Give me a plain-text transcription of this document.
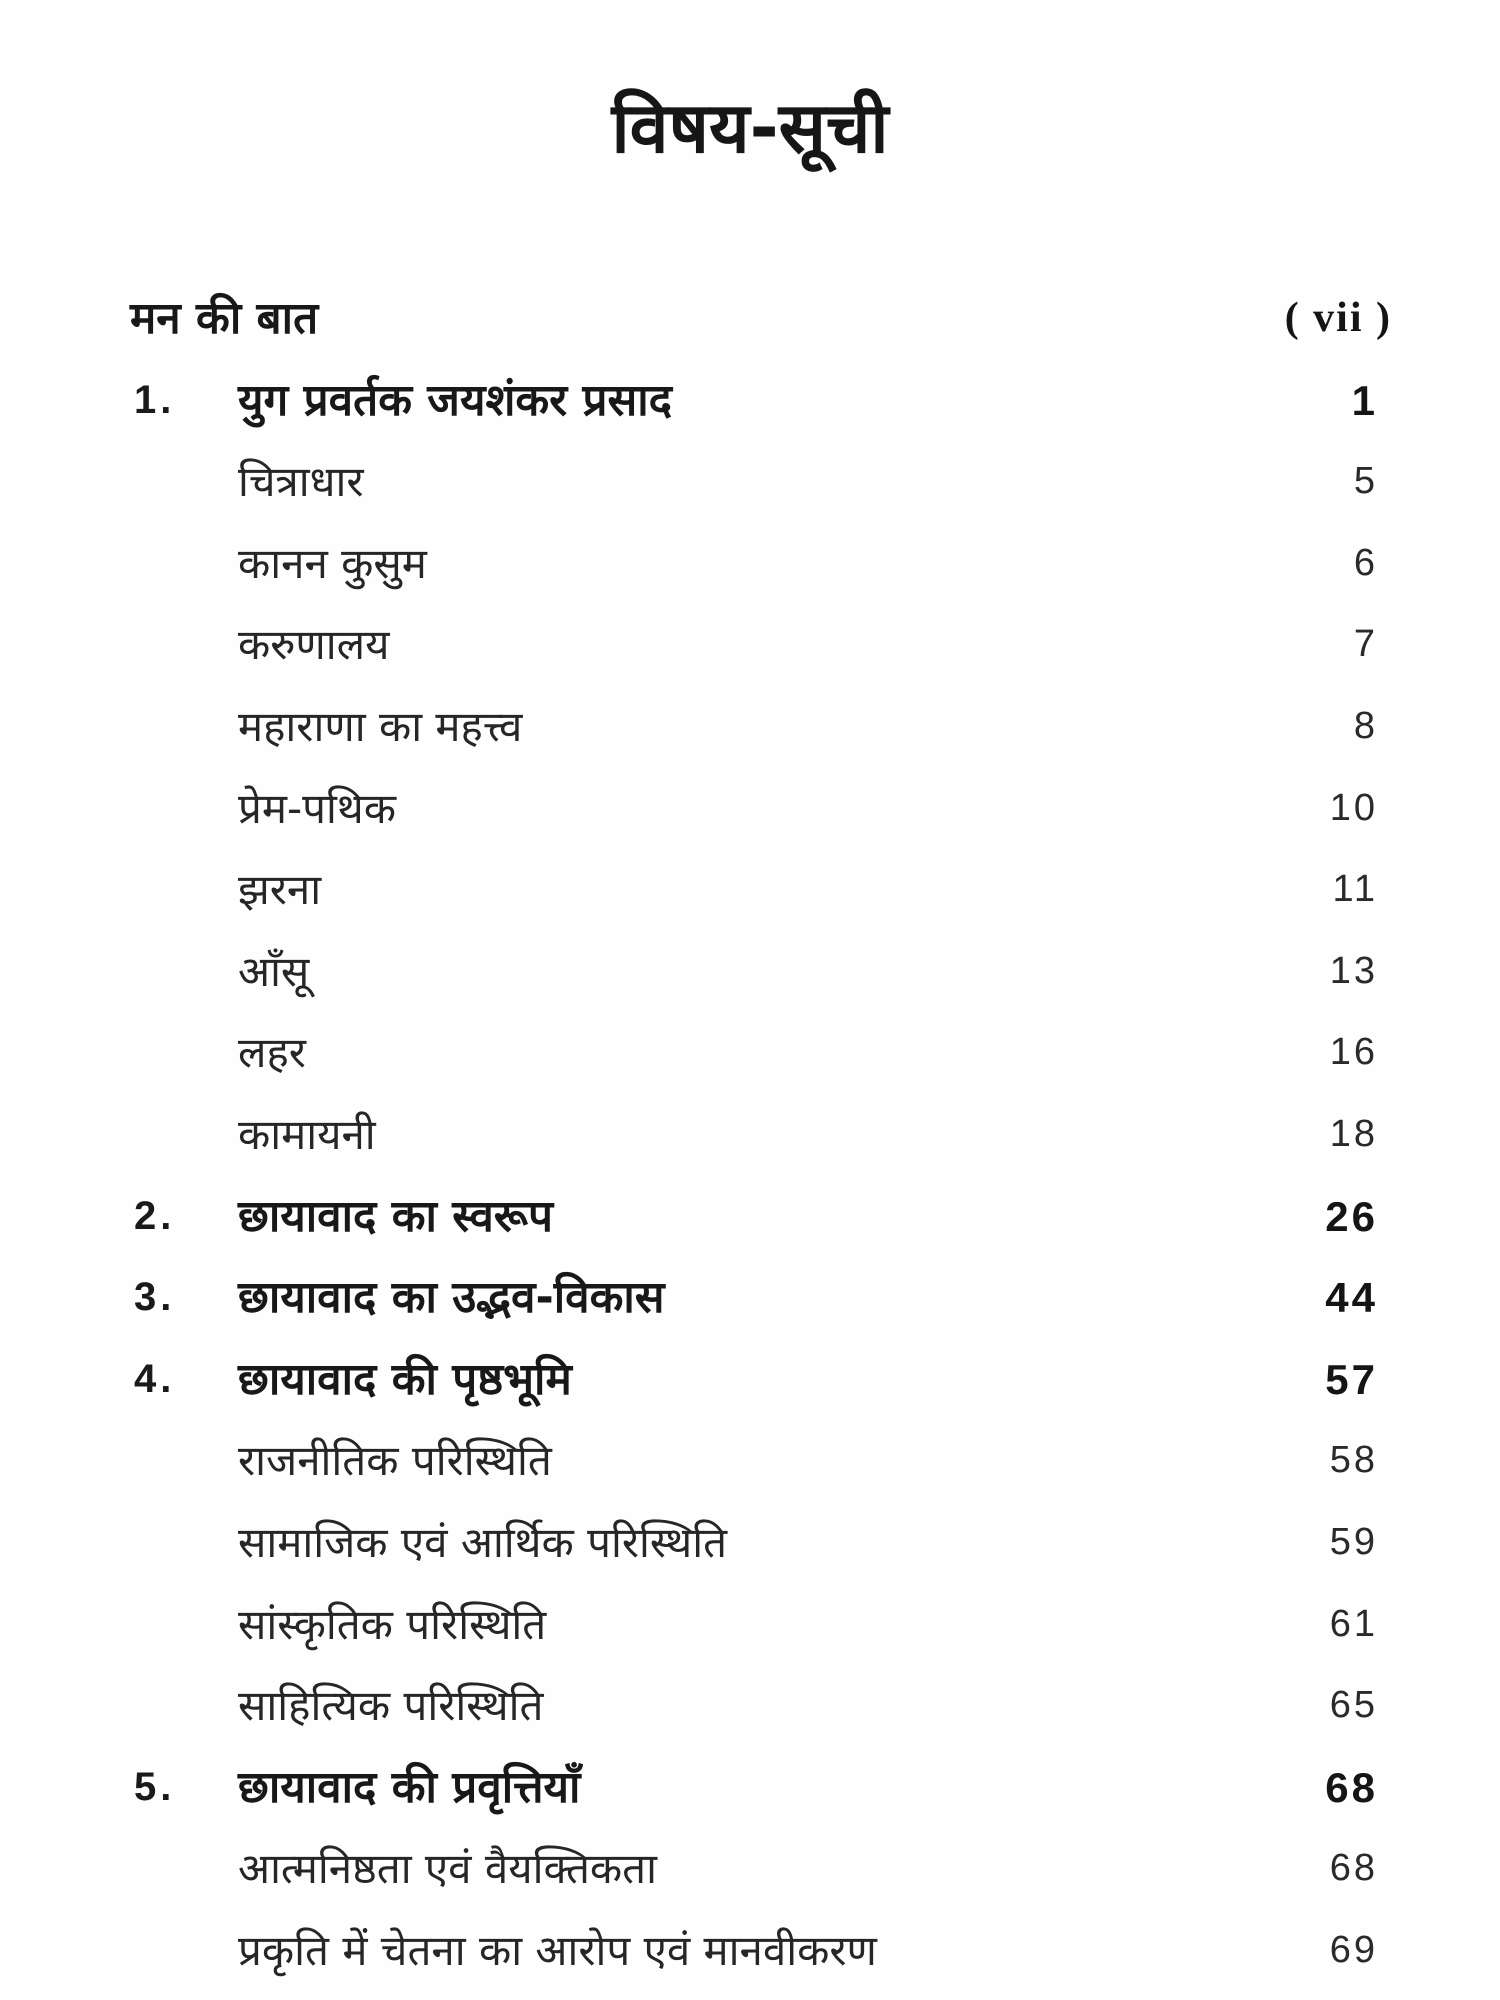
विषय-सूची
मन की बात	( vii )
1. युग प्रवर्तक जयशंकर प्रसाद	1
चित्राधार	5
कानन कुसुम	6
करुणालय	7
महाराणा का महत्त्व	8
प्रेम-पथिक	10
झरना	11
आँसू	13
लहर	16
कामायनी	18
2. छायावाद का स्वरूप	26
3. छायावाद का उद्भव-विकास	44
4. छायावाद की पृष्ठभूमि	57
राजनीतिक परिस्थिति	58
सामाजिक एवं आर्थिक परिस्थिति	59
सांस्कृतिक परिस्थिति	61
साहित्यिक परिस्थिति	65
5. छायावाद की प्रवृत्तियाँ	68
आत्मनिष्ठता एवं वैयक्तिकता	68
प्रकृति में चेतना का आरोप एवं मानवीकरण	69
